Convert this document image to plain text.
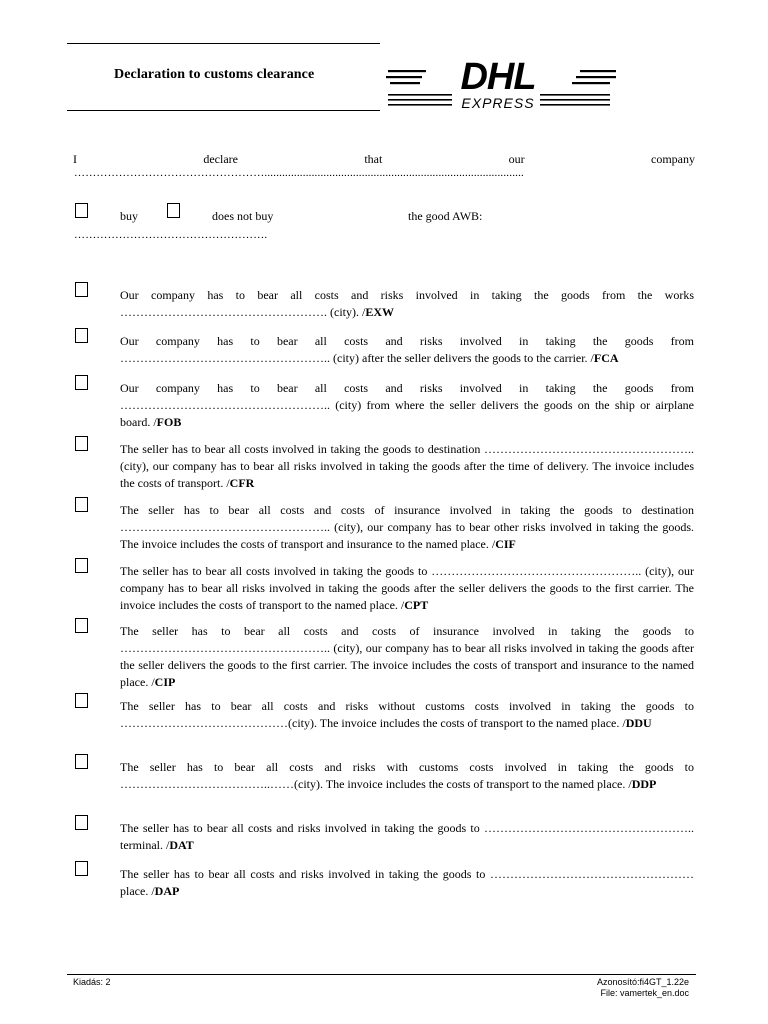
Declaration to customs clearance	DHL
EXPRESS
I	declare	that	our	company
……………………………………………........................................................................................
buy	does not buy	the good AWB:
…………………………………………….
Our company has to bear all costs and risks involved in taking the goods from the works ……………………………………………. (city). /EXW
Our company has to bear all costs and risks involved in taking the goods from …………………………………………….. (city) after the seller delivers the goods to the carrier. /FCA
Our company has to bear all costs and risks involved in taking the goods from …………………………………………….. (city) from where the seller delivers the goods on the ship or airplane board. /FOB
The seller has to bear all costs involved in taking the goods to destination …………………………………………….. (city), our company has to bear all risks involved in taking the goods after the time of delivery. The invoice includes the costs of transport. /CFR
The seller has to bear all costs and costs of insurance involved in taking the goods to destination …………………………………………….. (city), our company has to bear other risks involved in taking the goods. The invoice includes the costs of transport and insurance to the named place. /CIF
The seller has to bear all costs involved in taking the goods to …………………………………………….. (city), our company has to bear all risks involved in taking the goods after the seller delivers the goods to the first carrier. The invoice includes the costs of transport to the named place. /CPT
The seller has to bear all costs and costs of insurance involved in taking the goods to …………………………………………….. (city), our company has to bear all risks involved in taking the goods after the seller delivers the goods to the first carrier. The invoice includes the costs of transport and insurance to the named place. /CIP
The seller has to bear all costs and risks without customs costs involved in taking the goods to ……………………………………(city). The invoice includes the costs of transport to the named place. /DDU
The seller has to bear all costs and risks with customs costs involved in taking the goods to ………………………………..……(city). The invoice includes the costs of transport to the named place. /DDP
The seller has to bear all costs and risks involved in taking the goods to …………………………………………….. terminal. /DAT
The seller has to bear all costs and risks involved in taking the goods to …………………………………………… place. /DAP
Kiadás: 2	Azonosító:fi4GT_1.22e
File: vamertek_en.doc
